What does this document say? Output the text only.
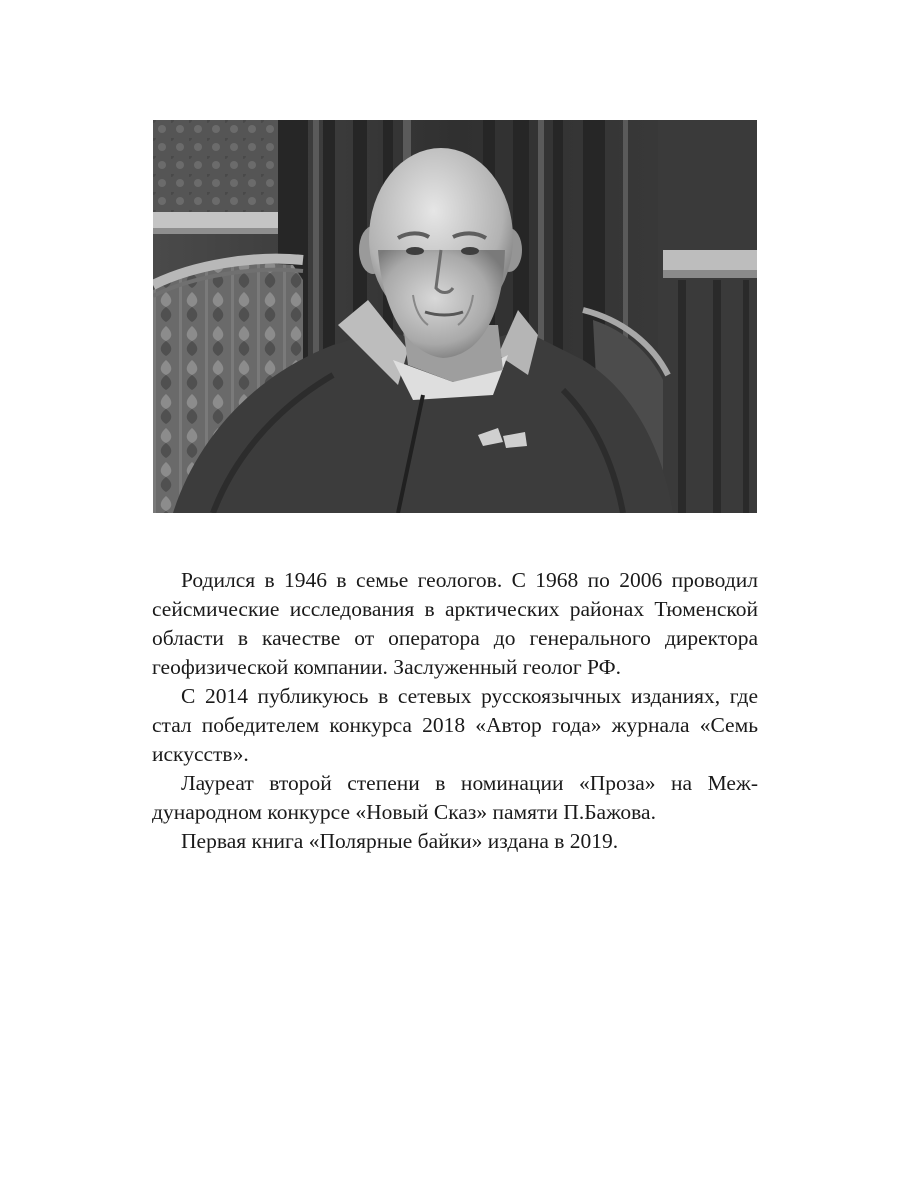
Родился в 1946 в семье геологов. С 1968 по 2006 проводил сейсмические исследования в арктических районах Тюменской области в качестве от оператора до генерального директора геофизической компании. Заслуженный геолог РФ.

С 2014 публикуюсь в сетевых русскоязычных изданиях, где стал победителем конкурса 2018 «Автор года» журнала «Семь искусств».

Лауреат второй степени в номинации «Проза» на Международном конкурсе «Новый Сказ» памяти П.Бажова.

Первая книга «Полярные байки» издана в 2019.
